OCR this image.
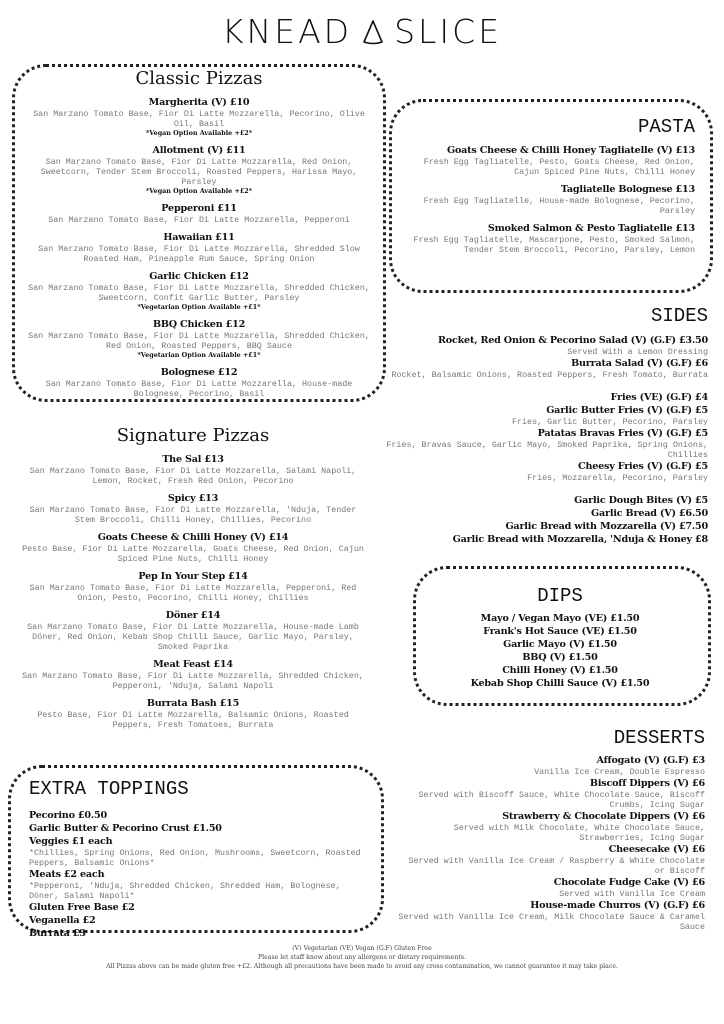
KNEAD SLICE
Classic Pizzas
Margherita (V) £10
San Marzano Tomato Base, Fior Di Latte Mozzarella, Pecorino, Olive Oil, Basil
*Vegan Option Available +£2*
Allotment (V) £11
San Marzano Tomato Base, Fior Di Latte Mozzarella, Red Onion, Sweetcorn, Tender Stem Broccoli, Roasted Peppers, Harissa Mayo, Parsley
*Vegan Option Available +£2*
Pepperoni £11
San Marzano Tomato Base, Fior Di Latte Mozzarella, Pepperoni
Hawaiian £11
San Marzano Tomato Base, Fior Di Latte Mozzarella, Shredded Slow Roasted Ham, Pineapple Rum Sauce, Spring Onion
Garlic Chicken £12
San Marzano Tomato Base, Fior Di Latte Mozzarella, Shredded Chicken, Sweetcorn, Confit Garlic Butter, Parsley
*Vegetarian Option Available +£1*
BBQ Chicken £12
San Marzano Tomato Base, Fior Di Latte Mozzarella, Shredded Chicken, Red Onion, Roasted Peppers, BBQ Sauce
*Vegetarian Option Available +£1*
Bolognese £12
San Marzano Tomato Base, Fior Di Latte Mozzarella, House-made Bolognese, Pecorino, Basil
Signature Pizzas
The Sal £13
San Marzano Tomato Base, Fior Di Latte Mozzarella, Salami Napoli, Lemon, Rocket, Fresh Red Onion, Pecorino
Spicy £13
San Marzano Tomato Base, Fior Di Latte Mozzarella, 'Nduja, Tender Stem Broccoli, Chilli Honey, Chillies, Pecorino
Goats Cheese & Chilli Honey (V) £14
Pesto Base, Fior Di Latte Mozzarella, Goats Cheese, Red Onion, Cajun Spiced Pine Nuts, Chilli Honey
Pep In Your Step £14
San Marzano Tomato Base, Fior Di Latte Mozzarella, Pepperoni, Red Onion, Pesto, Pecorino, Chilli Honey, Chillies
Döner £14
San Marzano Tomato Base, Fior Di Latte Mozzarella, House-made Lamb Döner, Red Onion, Kebab Shop Chilli Sauce, Garlic Mayo, Parsley, Smoked Paprika
Meat Feast £14
San Marzano Tomato Base, Fior Di Latte Mozzarella, Shredded Chicken, Pepperoni, 'Nduja, Salami Napoli
Burrata Bash £15
Pesto Base, Fior Di Latte Mozzarella, Balsamic Onions, Roasted Peppers, Fresh Tomatoes, Burrata
EXTRA TOPPINGS
Pecorino £0.50
Garlic Butter & Pecorino Crust £1.50
Veggies £1 each
*Chillies, Spring Onions, Red Onion, Mushrooms, Sweetcorn, Roasted Peppers, Balsamic Onions*
Meats £2 each
*Pepperoni, 'Nduja, Shredded Chicken, Shredded Ham, Bolognese, Döner, Salami Napoli*
Gluten Free Base £2
Veganella £2
Burrata £3
PASTA
Goats Cheese & Chilli Honey Tagliatelle (V) £13
Fresh Egg Tagliatelle, Pesto, Goats Cheese, Red Onion, Cajun Spiced Pine Nuts, Chilli Honey
Tagliatelle Bolognese £13
Fresh Egg Tagliatelle, House-made Bolognese, Pecorino, Parsley
Smoked Salmon & Pesto Tagliatelle £13
Fresh Egg Tagliatelle, Mascarpone, Pesto, Smoked Salmon, Tender Stem Broccoli, Pecorino, Parsley, Lemon
SIDES
Rocket, Red Onion & Pecorino Salad (V) (G.F) £3.50
Served With a Lemon Dressing
Burrata Salad (V) (G.F) £6
Rocket, Balsamic Onions, Roasted Peppers, Fresh Tomato, Burrata
Fries (VE) (G.F) £4
Garlic Butter Fries (V) (G.F) £5
Fries, Garlic Butter, Pecorino, Parsley
Patatas Bravas Fries (V) (G.F) £5
Fries, Bravas Sauce, Garlic Mayo, Smoked Paprika, Spring Onions, Chillies
Cheesy Fries (V) (G.F) £5
Fries, Mozzarella, Pecorino, Parsley
Garlic Dough Bites (V) £5
Garlic Bread (V) £6.50
Garlic Bread with Mozzarella (V) £7.50
Garlic Bread with Mozzarella, 'Nduja & Honey £8
DIPS
Mayo / Vegan Mayo (VE) £1.50
Frank's Hot Sauce (VE) £1.50
Garlic Mayo (V) £1.50
BBQ (V) £1.50
Chilli Honey (V) £1.50
Kebab Shop Chilli Sauce (V) £1.50
DESSERTS
Affogato (V) (G.F) £3
Vanilla Ice Cream, Double Espresso
Biscoff Dippers (V) £6
Served with Biscoff Sauce, White Chocolate Sauce, Biscoff Crumbs, Icing Sugar
Strawberry & Chocolate Dippers (V) £6
Served with Milk Chocolate, White Chocolate Sauce, Strawberries, Icing Sugar
Cheesecake (V) £6
Served with Vanilla Ice Cream / Raspberry & White Chocolate or Biscoff
Chocolate Fudge Cake (V) £6
Served with Vanilla Ice Cream
House-made Churros (V) (G.F) £6
Served with Vanilla Ice Cream, Milk Chocolate Sauce & Caramel Sauce
(V) Vegetarian (VE) Vegan (G.F) Gluten Free
Please let staff know about any allergens or dietary requirements.
All Pizzas above can be made gluten free +£2. Although all precautions have been made to avoid any cross contamination, we cannot guarantee it may take place.
